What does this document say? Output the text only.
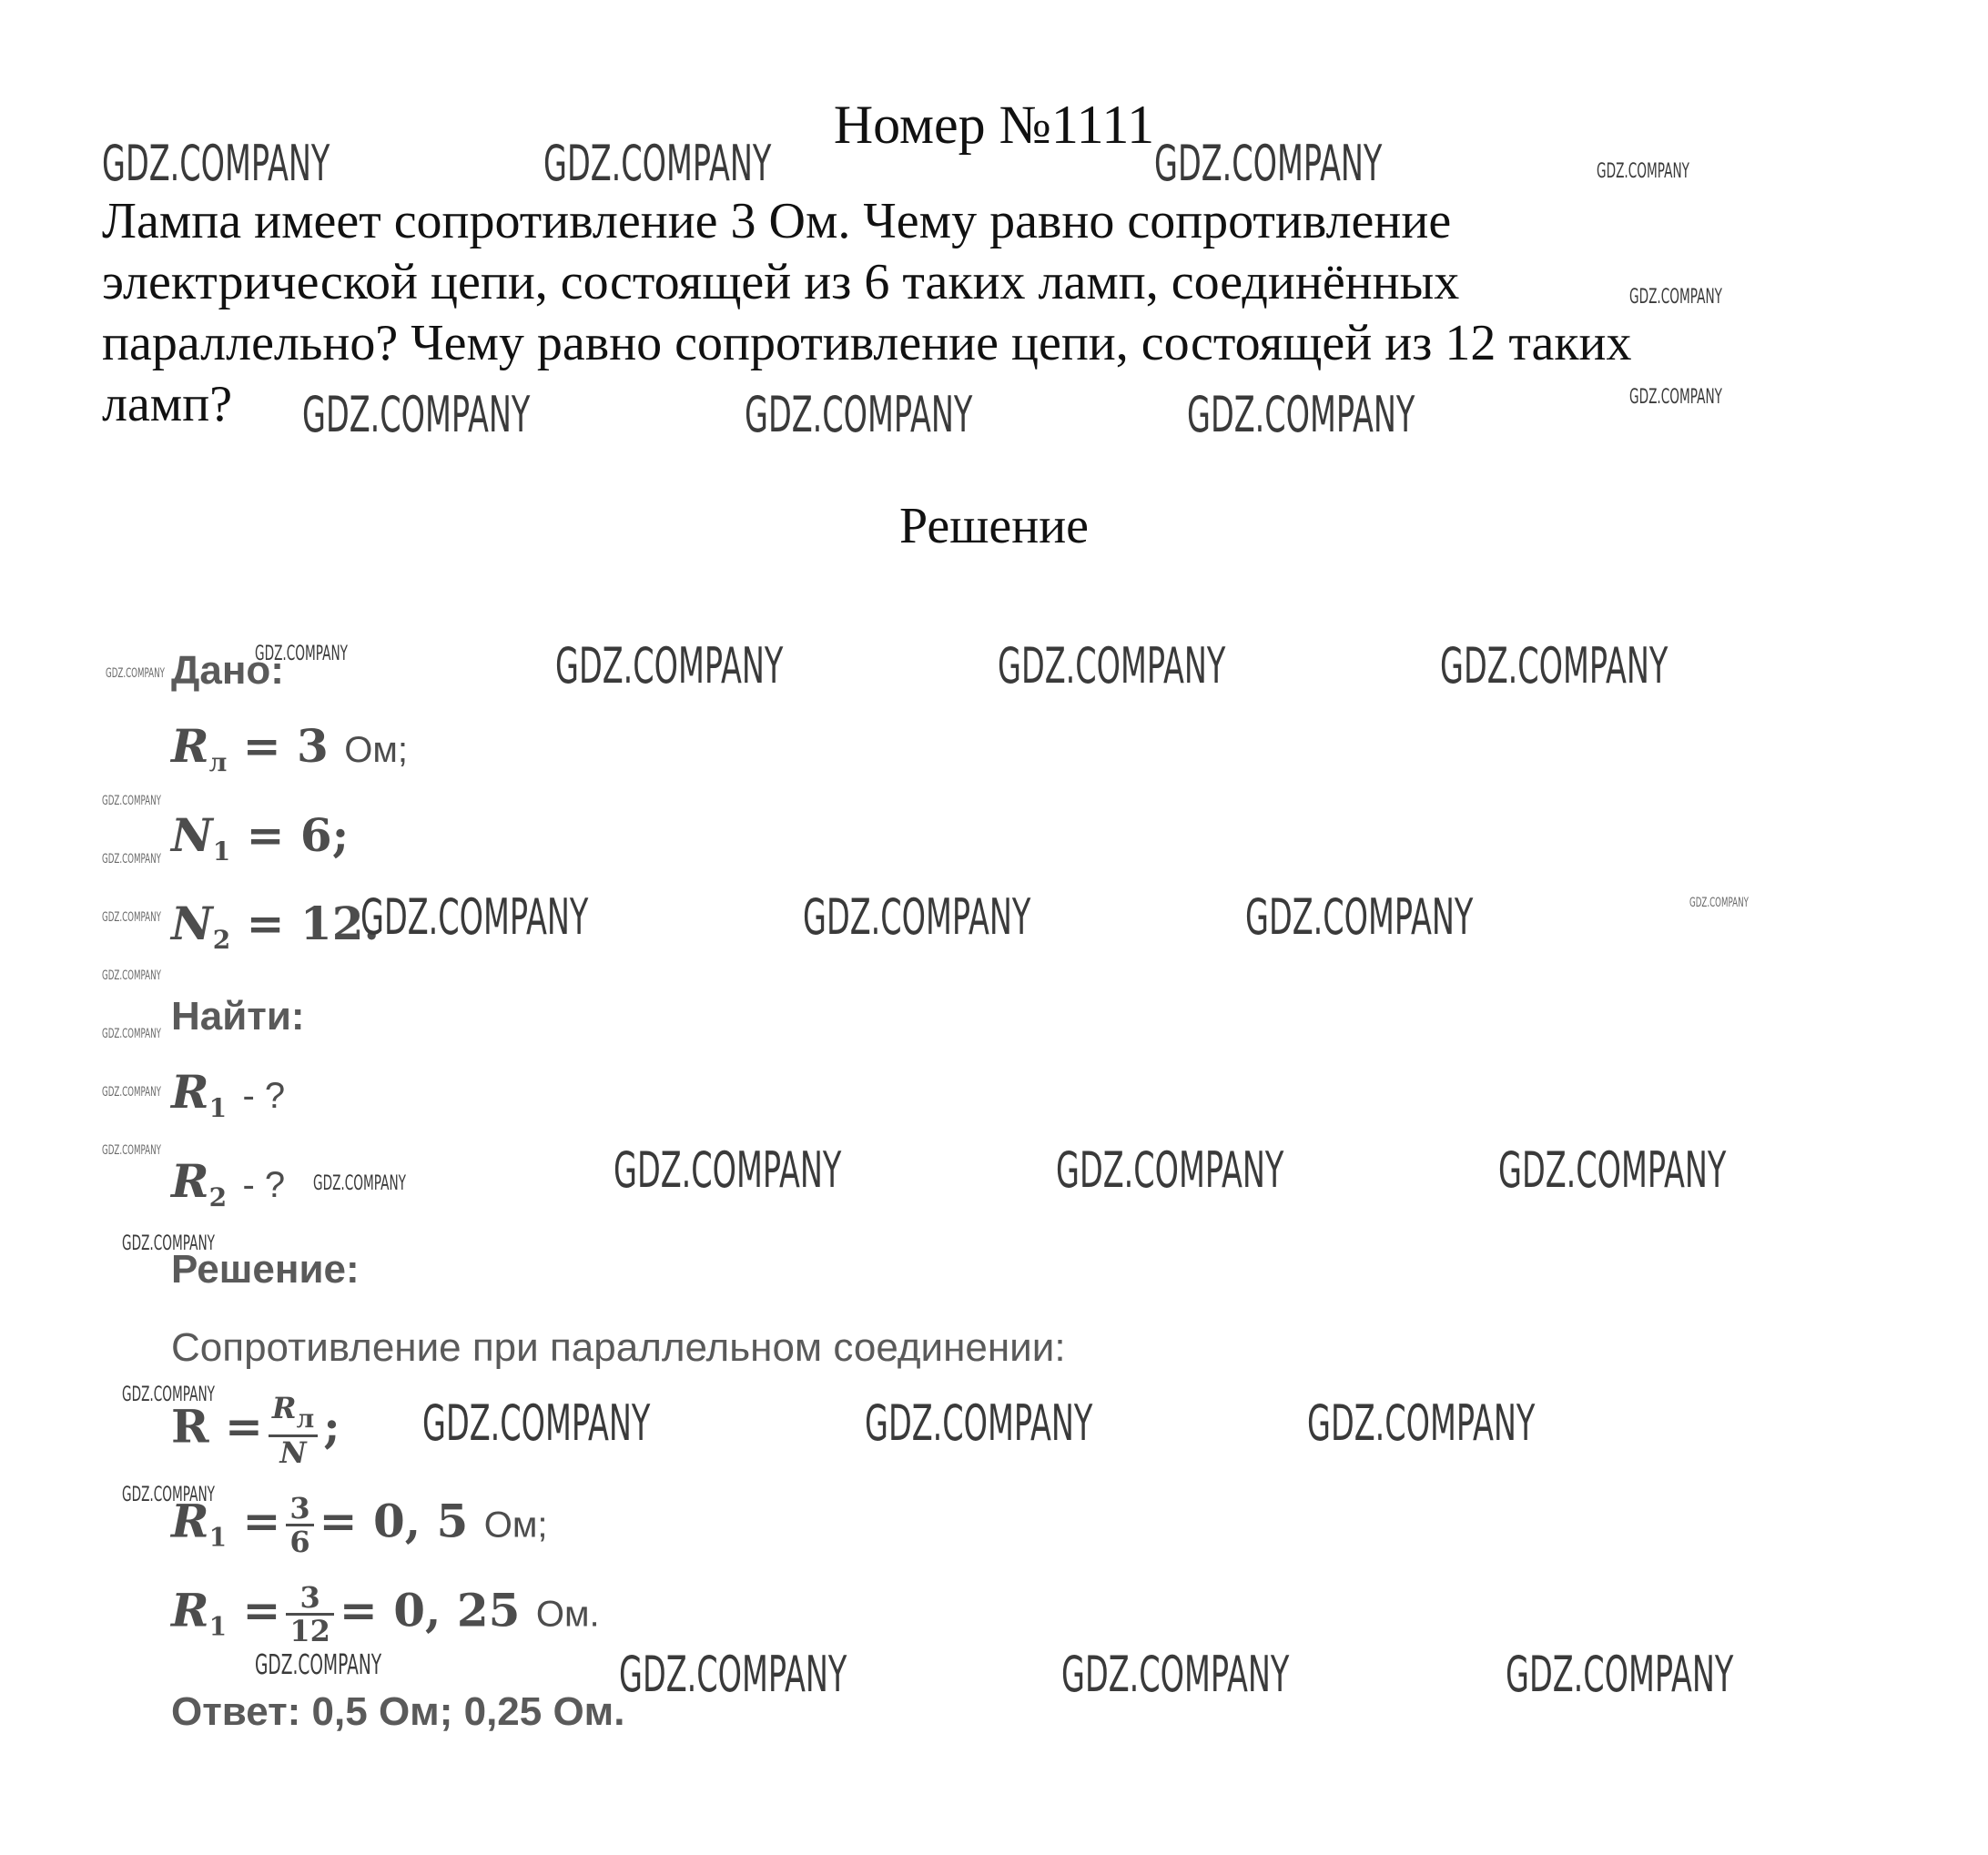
Номер №1111

Лампа имеет сопротивление 3 Ом. Чему равно сопротивление

электрической цепи, состоящей из 6 таких ламп, соединённых

параллельно? Чему равно сопротивление цепи, состоящей из 12 таких

ламп?

Решение
Дано:
$R_л = 3$ Ом;
$N_1 = 6$;
$N_2 = 12$.
Найти:
$R_1$ - ?
$R_2$ - ?
Решение:
Сопротивление при параллельном соединении:
$R = \frac{R_л}{N}$ ;
$R_1 = \frac{3}{6} = 0$, 5 Ом;
$R_1 = \frac{3}{12} = 0$, 25 Ом.
Ответ: 0,5 Ом; 0,25 Ом.
GDZ.COMPANY	GDZ.COMPANY	GDZ.COMPANY	GDZ.COMPANY
GDZ.COMPANY
GDZ.COMPANY
GDZ.COMPANY	GDZ.COMPANY	GDZ.COMPANY
GDZ.COMPANY
GDZ.COMPANY	GDZ.COMPANY	GDZ.COMPANY	GDZ.COMPANY
GDZ.COMPANY
GDZ.COMPANY
GDZ.COMPANY
GDZ.COMPANY
GDZ.COMPANY
GDZ.COMPANY
GDZ.COMPANY
GDZ.COMPANY	GDZ.COMPANY	GDZ.COMPANY	GDZ.COMPANY
GDZ.COMPANY	GDZ.COMPANY	GDZ.COMPANY	GDZ.COMPANY
GDZ.COMPANY
GDZ.COMPANY	GDZ.COMPANY	GDZ.COMPANY	GDZ.COMPANY
GDZ.COMPANY
GDZ.COMPANY	GDZ.COMPANY	GDZ.COMPANY	GDZ.COMPANY
